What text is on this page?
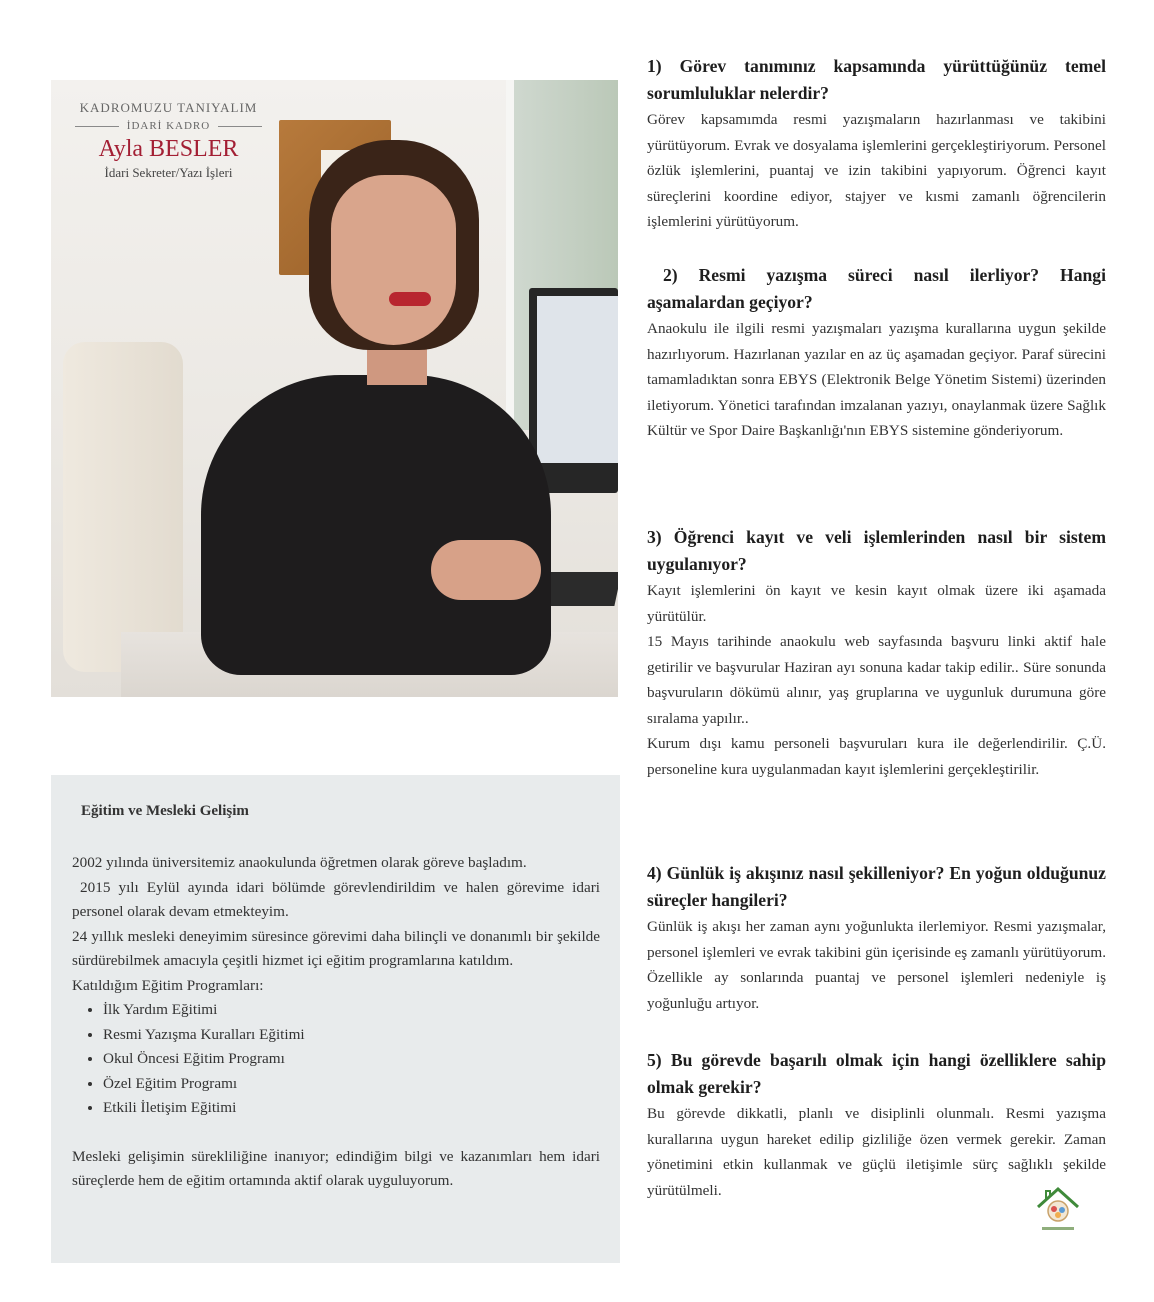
KADROMUZU TANIYALIM
İDARİ KADRO
Ayla BESLER
İdari Sekreter/Yazı İşleri
Eğitim ve Mesleki Gelişim

2002 yılında üniversitemiz anaokulunda öğretmen olarak göreve başladım.

2015 yılı Eylül ayında idari bölümde görevlendirildim ve halen görevime idari personel olarak devam etmekteyim.

24 yıllık mesleki deneyimim süresince görevimi daha bilinçli ve donanımlı bir şekilde sürdürebilmek amacıyla çeşitli hizmet içi eğitim programlarına katıldım.

Katıldığım Eğitim Programları:

• İlk Yardım Eğitimi
• Resmi Yazışma Kuralları Eğitimi
• Okul Öncesi Eğitim Programı
• Özel Eğitim Programı
• Etkili İletişim Eğitimi

Mesleki gelişimin sürekliliğine inanıyor; edindiğim bilgi ve kazanımları hem idari süreçlerde hem de eğitim ortamında aktif olarak uyguluyorum.

1) Görev tanımınız kapsamında yürüttüğünüz temel sorumluluklar nelerdir?
Görev kapsamımda resmi yazışmaların hazırlanması ve takibini yürütüyorum. Evrak ve dosyalama işlemlerini gerçekleştiriyorum. Personel özlük işlemlerini, puantaj ve izin takibini yapıyorum. Öğrenci kayıt süreçlerini koordine ediyor, stajyer ve kısmi zamanlı öğrencilerin işlemlerini yürütüyorum.
2) Resmi yazışma süreci nasıl ilerliyor? Hangi aşamalardan geçiyor?
Anaokulu ile ilgili resmi yazışmaları yazışma kurallarına uygun şekilde hazırlıyorum. Hazırlanan yazılar en az üç aşamadan geçiyor. Paraf sürecini tamamladıktan sonra EBYS (Elektronik Belge Yönetim Sistemi) üzerinden iletiyorum. Yönetici tarafından imzalanan yazıyı, onaylanmak üzere Sağlık Kültür ve Spor Daire Başkanlığı'nın EBYS sistemine gönderiyorum.
3) Öğrenci kayıt ve veli işlemlerinden nasıl bir sistem uygulanıyor?
Kayıt işlemlerini ön kayıt ve kesin kayıt olmak üzere iki aşamada yürütülür.
15 Mayıs tarihinde anaokulu web sayfasında başvuru linki aktif hale getirilir ve başvurular Haziran ayı sonuna kadar takip edilir.. Süre sonunda başvuruların dökümü alınır, yaş gruplarına ve uygunluk durumuna göre sıralama yapılır..
Kurum dışı kamu personeli başvuruları kura ile değerlendirilir. Ç.Ü. personeline kura uygulanmadan kayıt işlemlerini gerçekleştirilir.
4) Günlük iş akışınız nasıl şekilleniyor? En yoğun olduğunuz süreçler hangileri?
Günlük iş akışı her zaman aynı yoğunlukta ilerlemiyor. Resmi yazışmalar, personel işlemleri ve evrak takibini gün içerisinde eş zamanlı yürütüyorum. Özellikle ay sonlarında puantaj ve personel işlemleri nedeniyle iş yoğunluğu artıyor.
5) Bu görevde başarılı olmak için hangi özelliklere sahip olmak gerekir?
Bu görevde dikkatli, planlı ve disiplinli olunmalı. Resmi yazışma kurallarına uygun hareket edilip gizliliğe özen vermek gerekir. Zaman yönetimini etkin kullanmak ve güçlü iletişimle sürç sağlıklı şekilde yürütülmeli.
